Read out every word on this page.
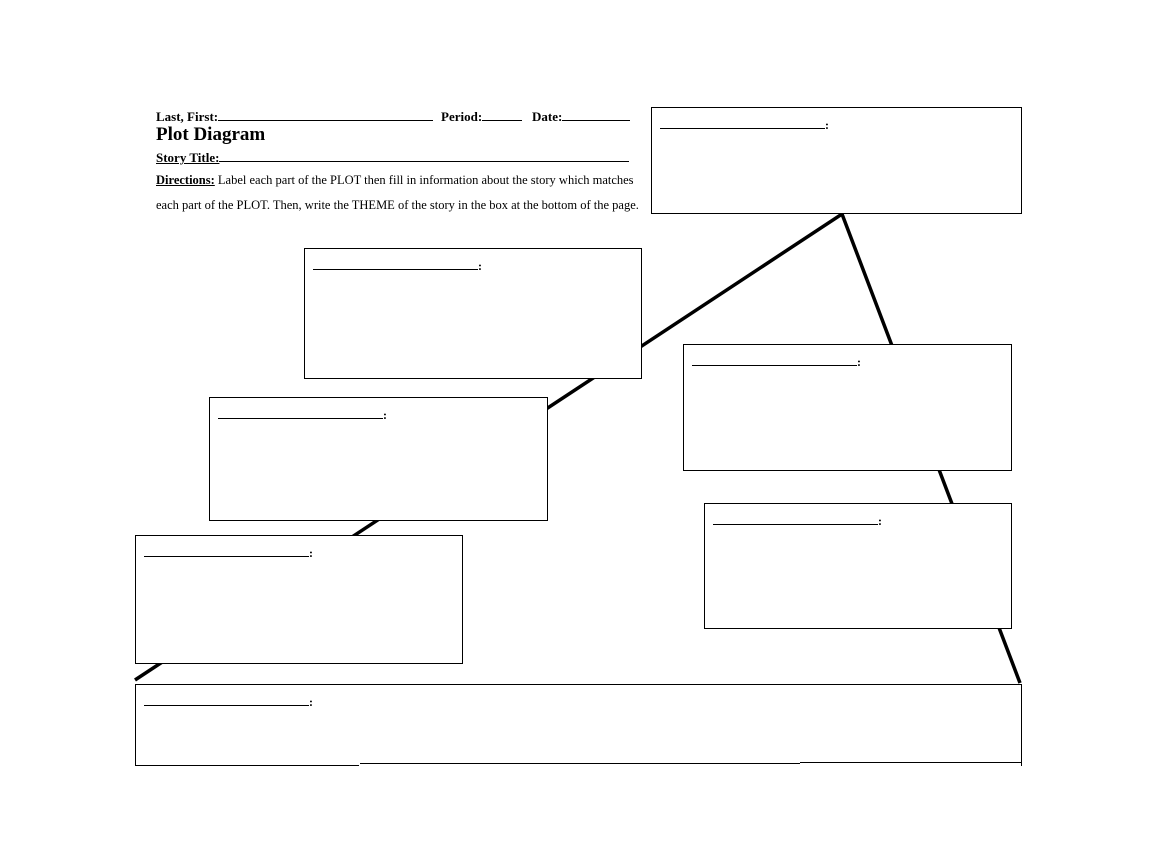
Last, First:	Period:	Date:
Plot Diagram
Story Title:
Directions: Label each part of the PLOT then fill in information about the story which matches each part of the PLOT. Then, write the THEME of the story in the box at the bottom of the page.
:
:
:
:
:
:
:
